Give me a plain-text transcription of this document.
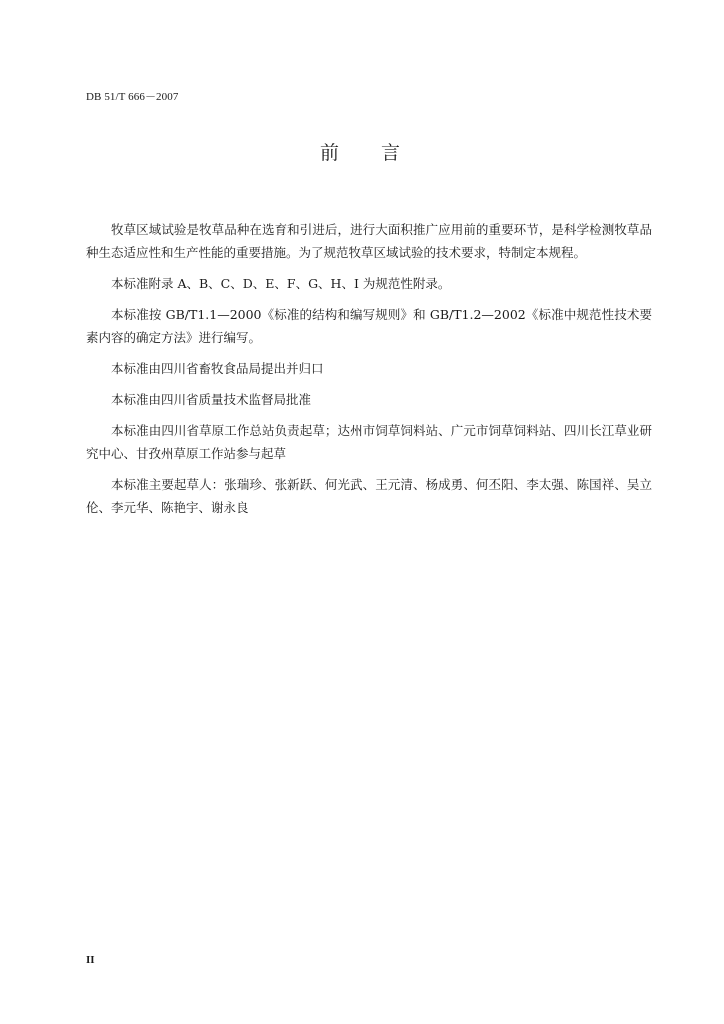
DB 51/T 666－2007
前 言

牧草区域试验是牧草品种在选育和引进后，进行大面积推广应用前的重要环节，是科学检测牧草品种生态适应性和生产性能的重要措施。为了规范牧草区域试验的技术要求，特制定本规程。

本标准附录 A、B、C、D、E、F、G、H、I 为规范性附录。

本标准按 GB/T1.1—2000《标准的结构和编写规则》和 GB/T1.2—2002《标准中规范性技术要素内容的确定方法》进行编写。

本标准由四川省畜牧食品局提出并归口

本标准由四川省质量技术监督局批准

本标准由四川省草原工作总站负责起草；达州市饲草饲料站、广元市饲草饲料站、四川长江草业研究中心、甘孜州草原工作站参与起草

本标准主要起草人：张瑞珍、张新跃、何光武、王元清、杨成勇、何丕阳、李太强、陈国祥、吴立伦、李元华、陈艳宇、谢永良

II
